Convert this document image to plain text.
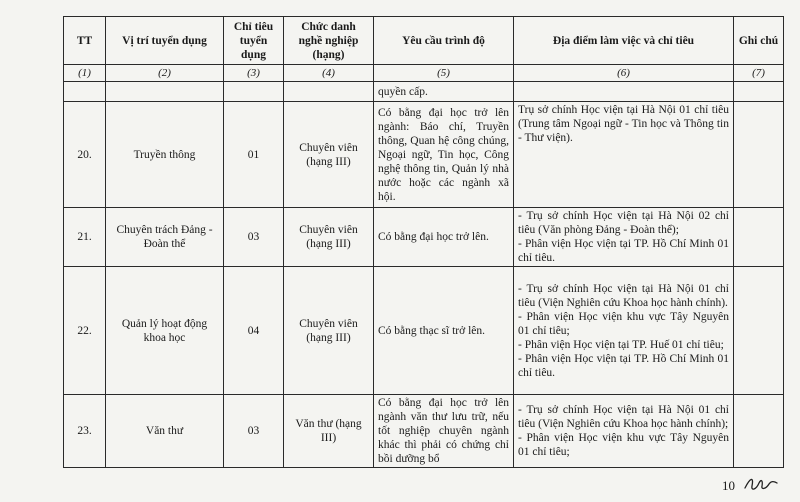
TT	Vị trí tuyển dụng	Chỉ tiêu tuyển dụng	Chức danh nghề nghiệp (hạng)	Yêu cầu trình độ	Địa điểm làm việc và chỉ tiêu	Ghi chú
(1)	(2)	(3)	(4)	(5)	(6)	(7)
				quyền cấp.		
20.	Truyền thông	01	Chuyên viên (hạng III)	Có bằng đại học trở lên ngành: Báo chí, Truyền thông, Quan hệ công chúng, Ngoại ngữ, Tin học, Công nghệ thông tin, Quản lý nhà nước hoặc các ngành xã hội.	Trụ sở chính Học viện tại Hà Nội 01 chỉ tiêu (Trung tâm Ngoại ngữ - Tin học và Thông tin - Thư viện).	

21.	Chuyên trách Đảng - Đoàn thể	03	Chuyên viên (hạng III)	Có bằng đại học trở lên.	- Trụ sở chính Học viện tại Hà Nội 02 chỉ tiêu (Văn phòng Đảng - Đoàn thể);
- Phân viện Học viện tại TP. Hồ Chí Minh 01 chỉ tiêu.	

22.	Quản lý hoạt động khoa học	04	Chuyên viên (hạng III)	Có bằng thạc sĩ trở lên.	- Trụ sở chính Học viện tại Hà Nội 01 chỉ tiêu (Viện Nghiên cứu Khoa học hành chính).
- Phân viện Học viện khu vực Tây Nguyên 01 chỉ tiêu;
- Phân viện Học viện tại TP. Huế 01 chỉ tiêu;
- Phân viện Học viện tại TP. Hồ Chí Minh 01 chỉ tiêu.	

23.	Văn thư	03	Văn thư (hạng III)	Có bằng đại học trở lên ngành văn thư lưu trữ, nếu tốt nghiệp chuyên ngành khác thì phải có chứng chỉ bồi dưỡng bổ	- Trụ sở chính Học viện tại Hà Nội 01 chỉ tiêu (Viện Nghiên cứu Khoa học hành chính);
- Phân viện Học viện khu vực Tây Nguyên 01 chỉ tiêu;	

10
